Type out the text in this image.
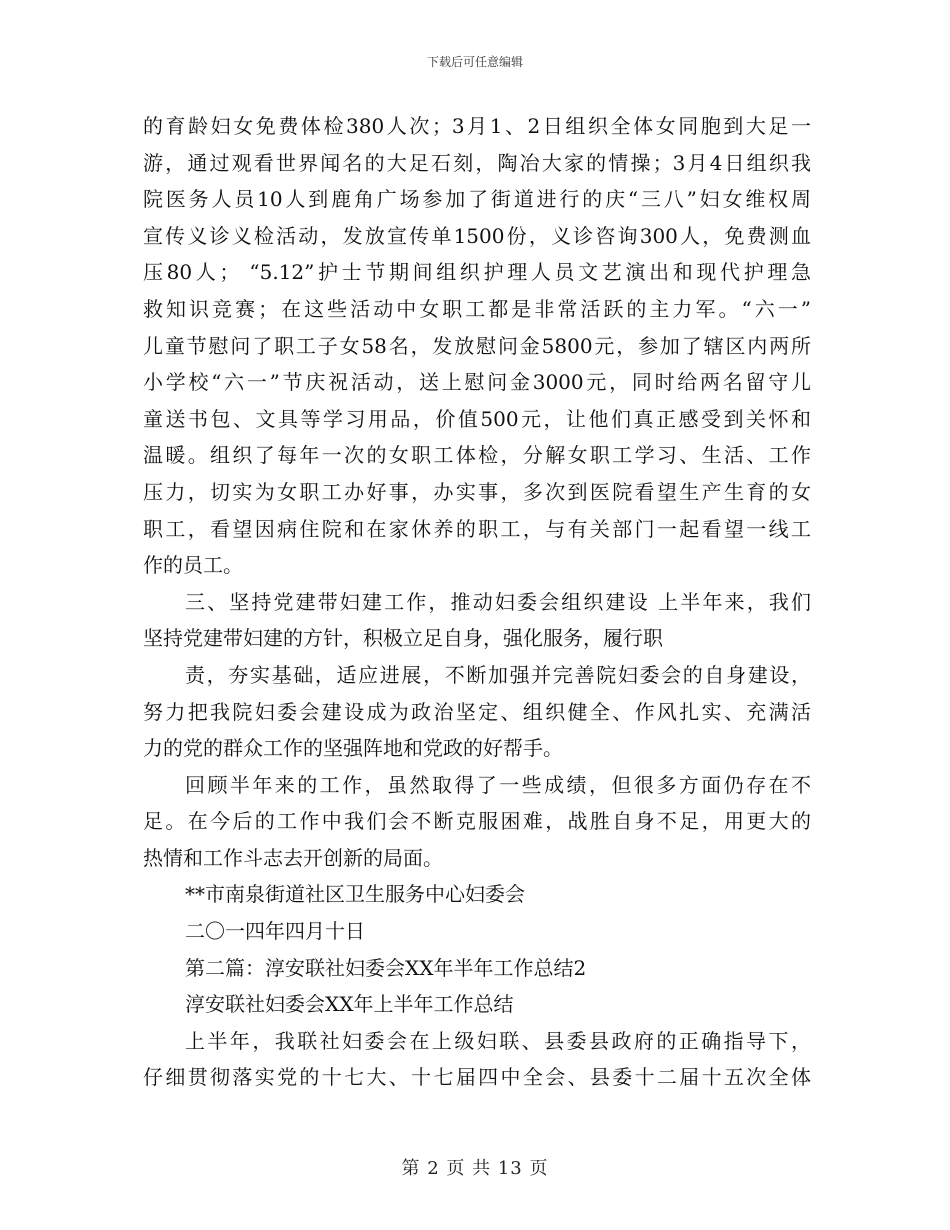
下载后可任意编辑
的育龄妇女免费体检380人次；3月1、2日组织全体女同胞到大足一
游，通过观看世界闻名的大足石刻，陶冶大家的情操；3月4日组织我
院医务人员10人到鹿角广场参加了街道进行的庆“三八”妇女维权周
宣传义诊义检活动，发放宣传单1500份，义诊咨询300人，免费测血
压80人； “5.12”护士节期间组织护理人员文艺演出和现代护理急
救知识竞赛；在这些活动中女职工都是非常活跃的主力军。“六一”
儿童节慰问了职工子女58名，发放慰问金5800元，参加了辖区内两所
小学校“六一”节庆祝活动，送上慰问金3000元，同时给两名留守儿
童送书包、文具等学习用品，价值500元，让他们真正感受到关怀和
温暖。组织了每年一次的女职工体检，分解女职工学习、生活、工作
压力，切实为女职工办好事，办实事，多次到医院看望生产生育的女
职工，看望因病住院和在家休养的职工，与有关部门一起看望一线工
作的员工。
三、坚持党建带妇建工作，推动妇委会组织建设 上半年来，我们
坚持党建带妇建的方针，积极立足自身，强化服务，履行职
责，夯实基础，适应进展，不断加强并完善院妇委会的自身建设，
努力把我院妇委会建设成为政治坚定、组织健全、作风扎实、充满活
力的党的群众工作的坚强阵地和党政的好帮手。
回顾半年来的工作，虽然取得了一些成绩，但很多方面仍存在不
足。在今后的工作中我们会不断克服困难，战胜自身不足，用更大的
热情和工作斗志去开创新的局面。
**市南泉街道社区卫生服务中心妇委会
二〇一四年四月十日
第二篇：淳安联社妇委会XX年半年工作总结2
淳安联社妇委会XX年上半年工作总结
上半年，我联社妇委会在上级妇联、县委县政府的正确指导下，
仔细贯彻落实党的十七大、十七届四中全会、县委十二届十五次全体
第 2 页 共 13 页
